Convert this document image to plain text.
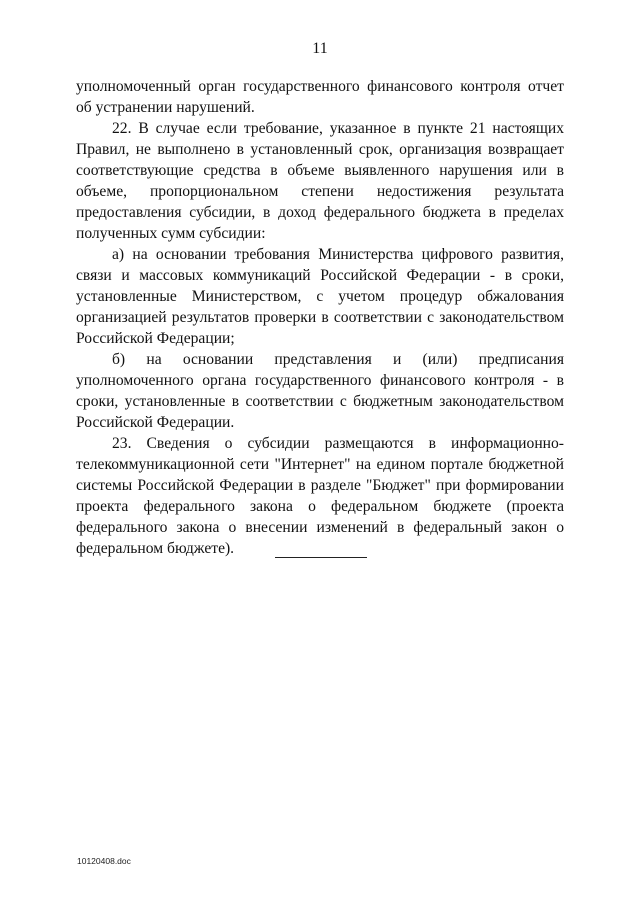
11

уполномоченный орган государственного финансового контроля отчет об устранении нарушений.

22. В случае если требование, указанное в пункте 21 настоящих Правил, не выполнено в установленный срок, организация возвращает соответствующие средства в объеме выявленного нарушения или в объеме, пропорциональном степени недостижения результата предоставления субсидии, в доход федерального бюджета в пределах полученных сумм субсидии:

а) на основании требования Министерства цифрового развития, связи и массовых коммуникаций Российской Федерации - в сроки, установленные Министерством, с учетом процедур обжалования организацией результатов проверки в соответствии с законодательством Российской Федерации;

б) на основании представления и (или) предписания уполномоченного органа государственного финансового контроля - в сроки, установленные в соответствии с бюджетным законодательством Российской Федерации.

23. Сведения о субсидии размещаются в информационно-телекоммуникационной сети "Интернет" на едином портале бюджетной системы Российской Федерации в разделе "Бюджет" при формировании проекта федерального закона о федеральном бюджете (проекта федерального закона о внесении изменений в федеральный закон о федеральном бюджете).

10120408.doc
